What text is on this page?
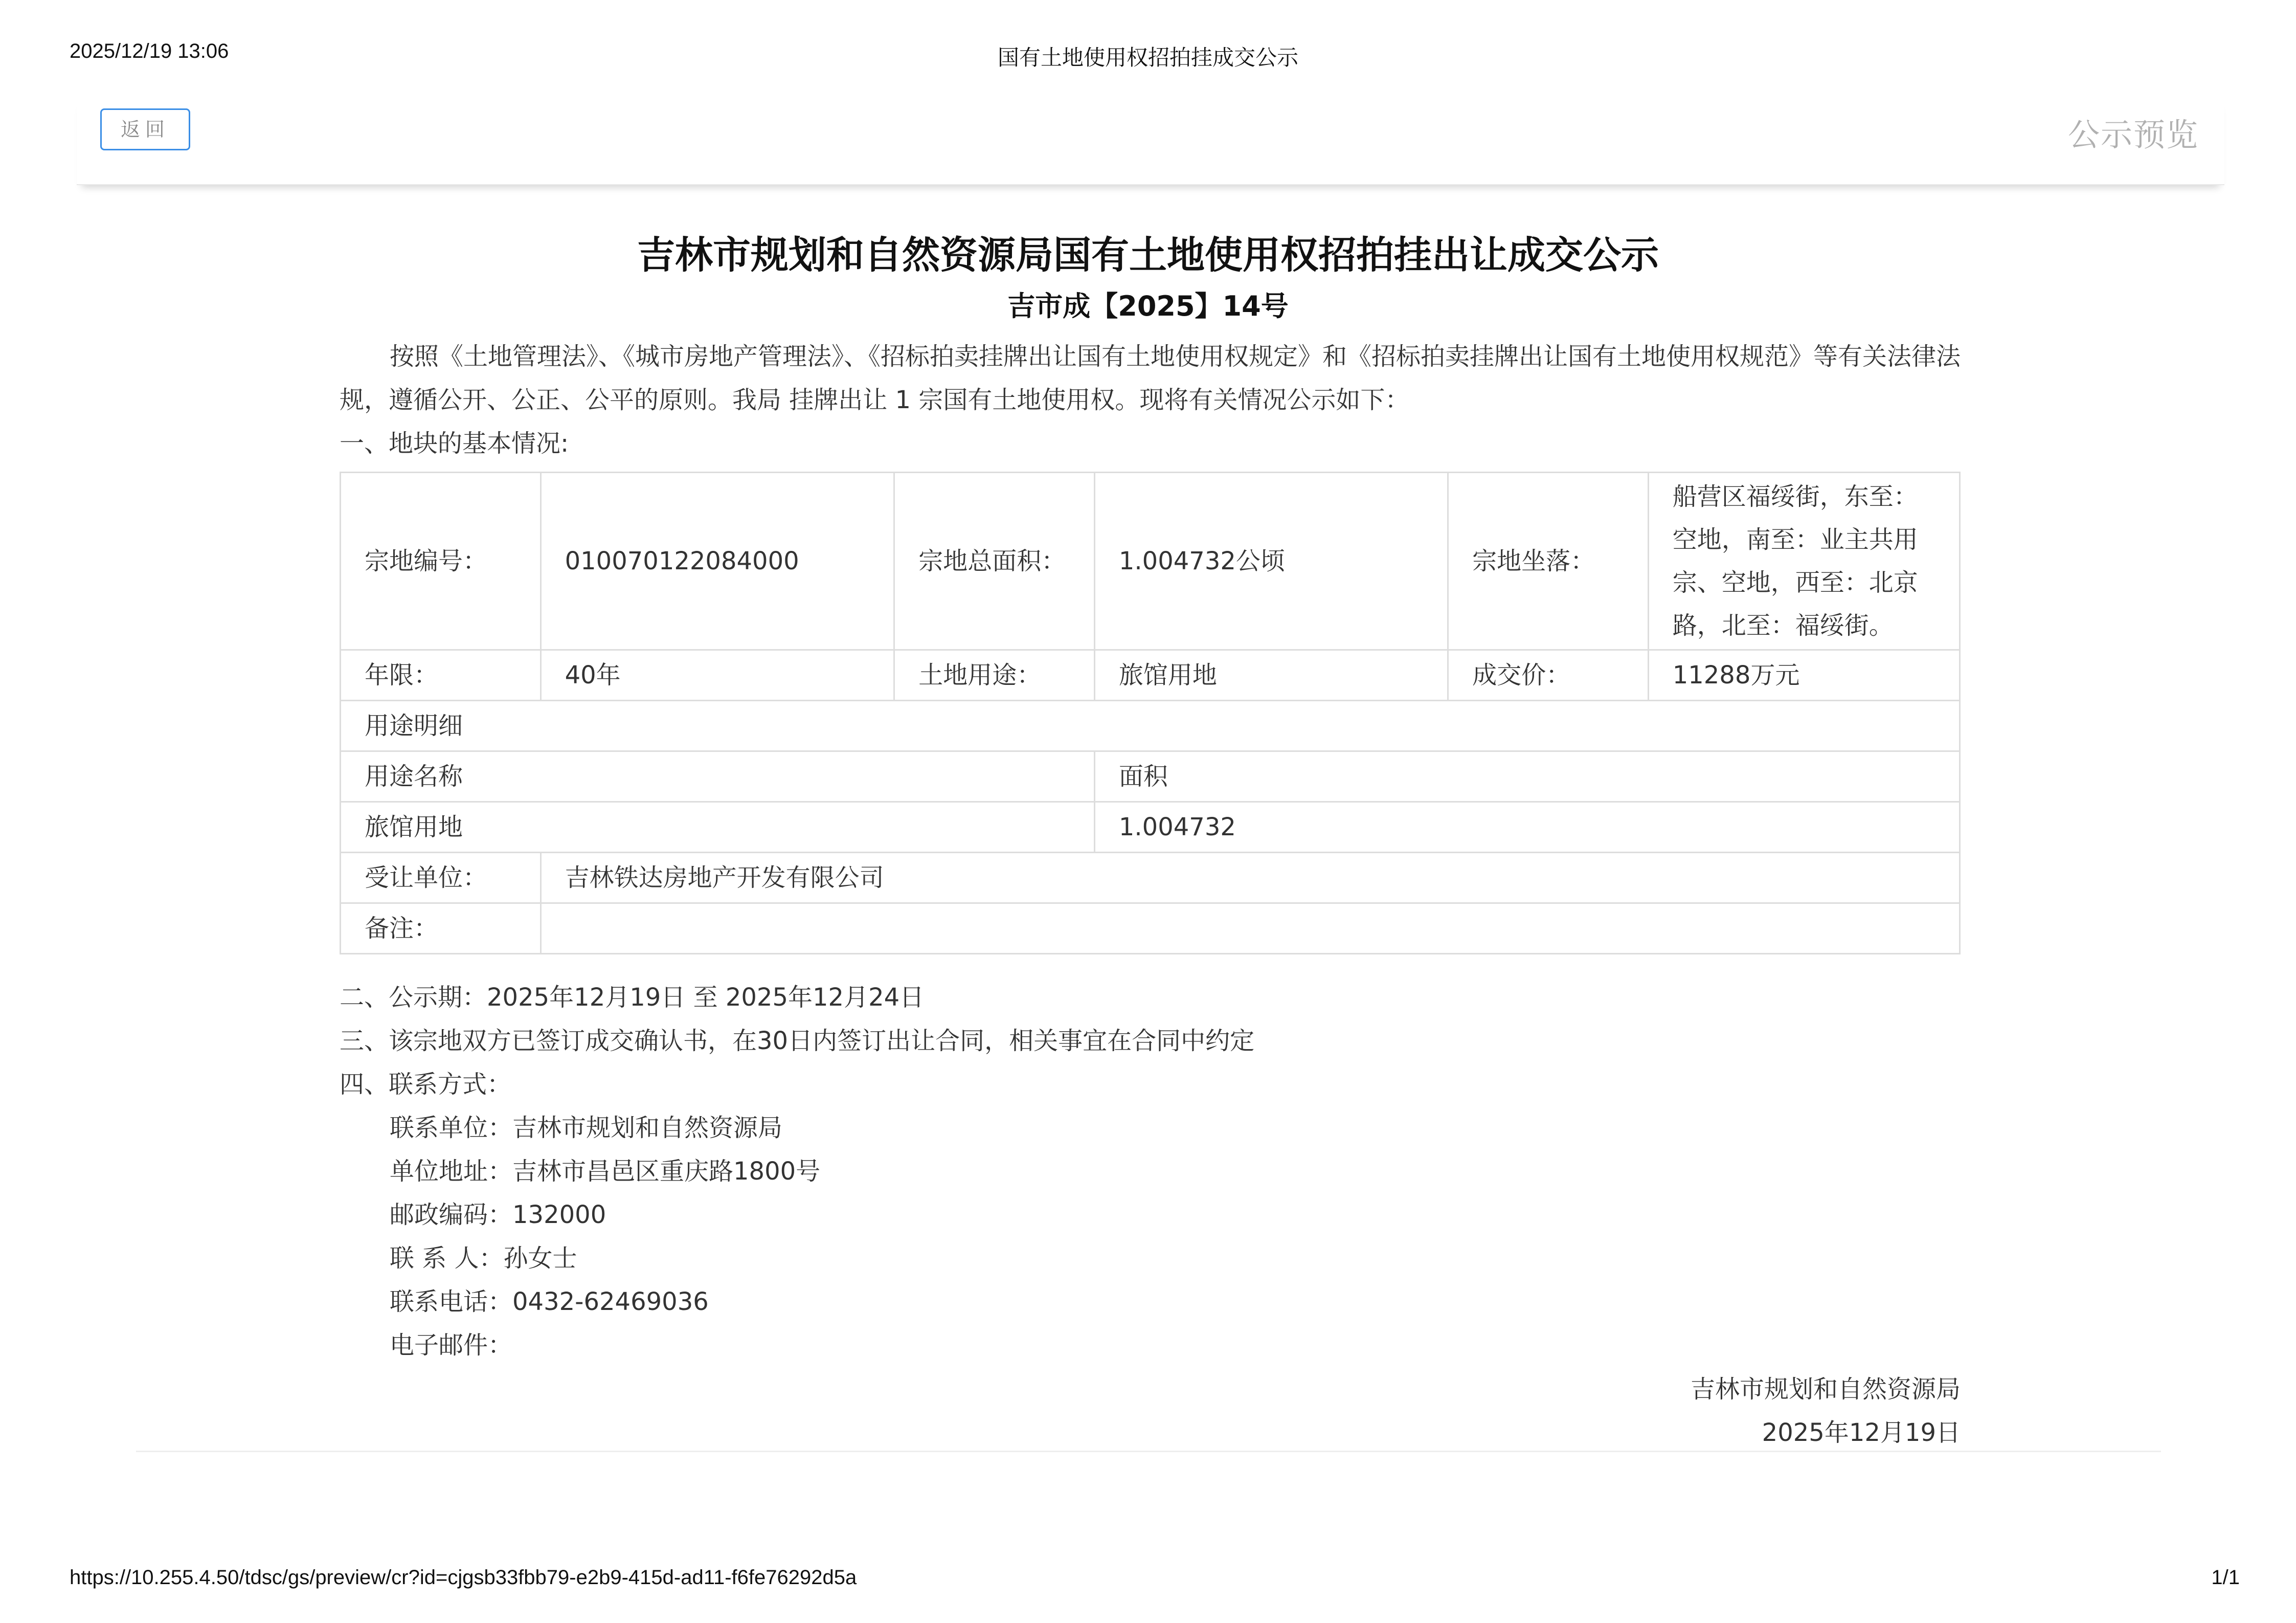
2025/12/19 13:06	国有土地使用权招拍挂成交公示
返回	公示预览
吉林市规划和自然资源局国有土地使用权招拍挂出让成交公示
吉市成【2025】14号
按照《土地管理法》、《城市房地产管理法》、《招标拍卖挂牌出让国有土地使用权规定》和《招标拍卖挂牌出让国有土地使用权规范》等有关法律法规，遵循公开、公正、公平的原则。我局 挂牌出让 1 宗国有土地使用权。现将有关情况公示如下：
一、地块的基本情况:
宗地编号：	010070122084000	宗地总面积：	1.004732公顷	宗地坐落：	船营区福绥街，东至：空地，南至：业主共用宗、空地，西至：北京路，北至：福绥街。
年限：	40年	土地用途：	旅馆用地	成交价：	11288万元
用途明细					
用途名称			面积		
旅馆用地			1.004732		
受让单位：	吉林铁达房地产开发有限公司				
备注：					
二、公示期：2025年12月19日 至 2025年12月24日
三、该宗地双方已签订成交确认书，在30日内签订出让合同，相关事宜在合同中约定
四、联系方式：
联系单位：吉林市规划和自然资源局
单位地址：吉林市昌邑区重庆路1800号
邮政编码：132000
联 系 人：孙女士
联系电话：0432-62469036
电子邮件：
吉林市规划和自然资源局
2025年12月19日
https://10.255.4.50/tdsc/gs/preview/cr?id=cjgsb33fbb79-e2b9-415d-ad11-f6fe76292d5a	1/1
